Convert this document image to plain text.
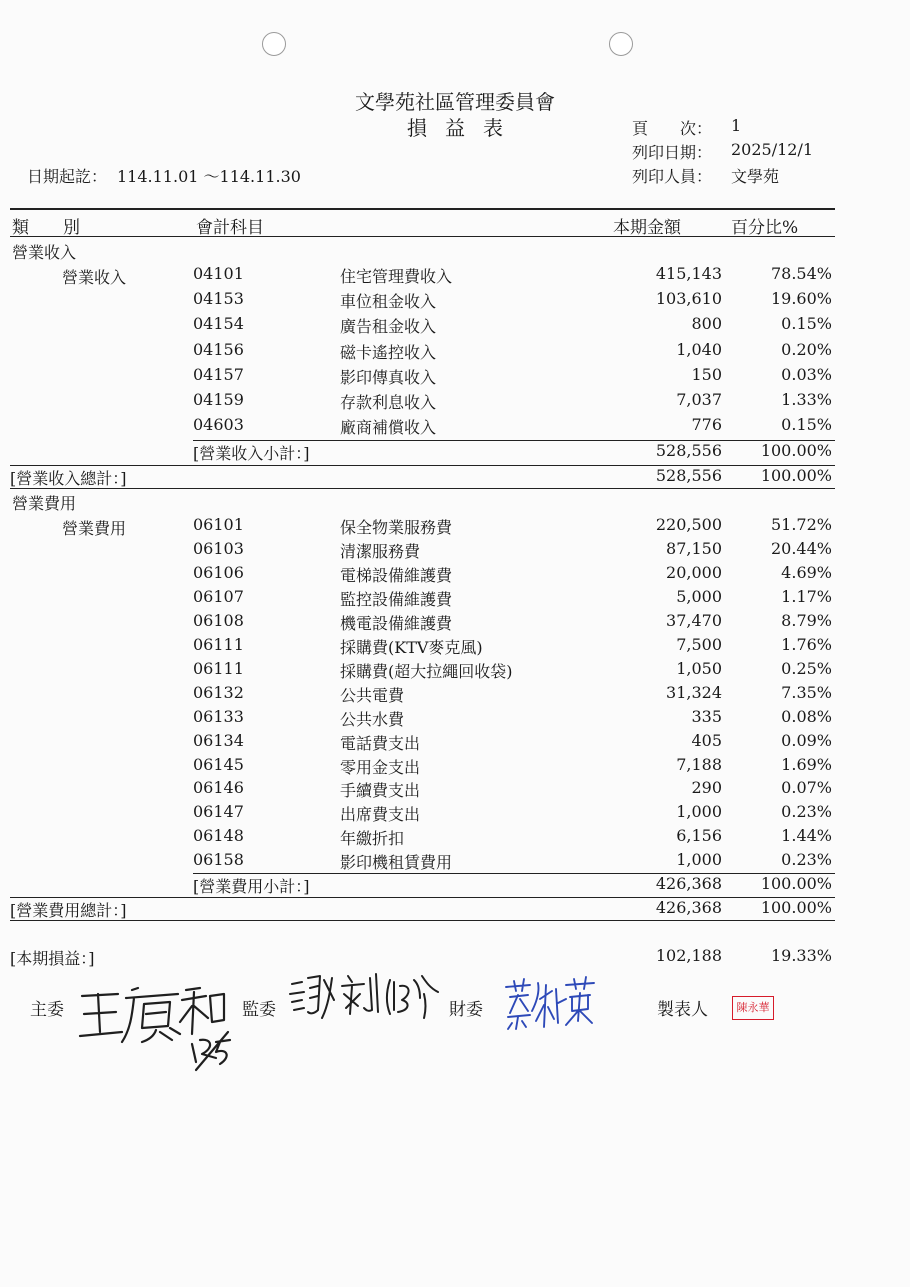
文學苑社區管理委員會
損益表	頁　　次： 1
列印日期： 2025/12/1
列印人員： 文學苑
日期起訖： 114.11.01 ～114.11.30
類　　別	會計科目	本期金額	百分比%
營業收入
營業收入	04101	住宅管理費收入	415,143	78.54%
04153	車位租金收入	103,610	19.60%
04154	廣告租金收入	800	0.15%
04156	磁卡遙控收入	1,040	0.20%
04157	影印傳真收入	150	0.03%
04159	存款利息收入	7,037	1.33%
04603	廠商補償收入	776	0.15%
[營業收入小計：]	528,556 100.00%
[營業收入總計：]	528,556 100.00%
營業費用
營業費用	06101	保全物業服務費	220,500	51.72%
06103	清潔服務費	87,150	20.44%
06106	電梯設備維護費	20,000	4.69%
06107	監控設備維護費	5,000	1.17%
06108	機電設備維護費	37,470	8.79%
06111	採購費(KTV麥克風)	7,500	1.76%
06111	採購費(超大拉繩回收袋)	1,050	0.25%
06132	公共電費	31,324	7.35%
06133	公共水費	335	0.08%
06134	電話費支出	405	0.09%
06145	零用金支出	7,188	1.69%
06146	手續費支出	290	0.07%
06147	出席費支出	1,000	0.23%
06148	年繳折扣	6,156	1.44%
06158	影印機租賃費用	1,000	0.23%
[營業費用小計：]	426,368 100.00%
[營業費用總計：]	426,368 100.00%
[本期損益：]	102,188	19.33%
主委	監委	財委	製表人	陳永華
